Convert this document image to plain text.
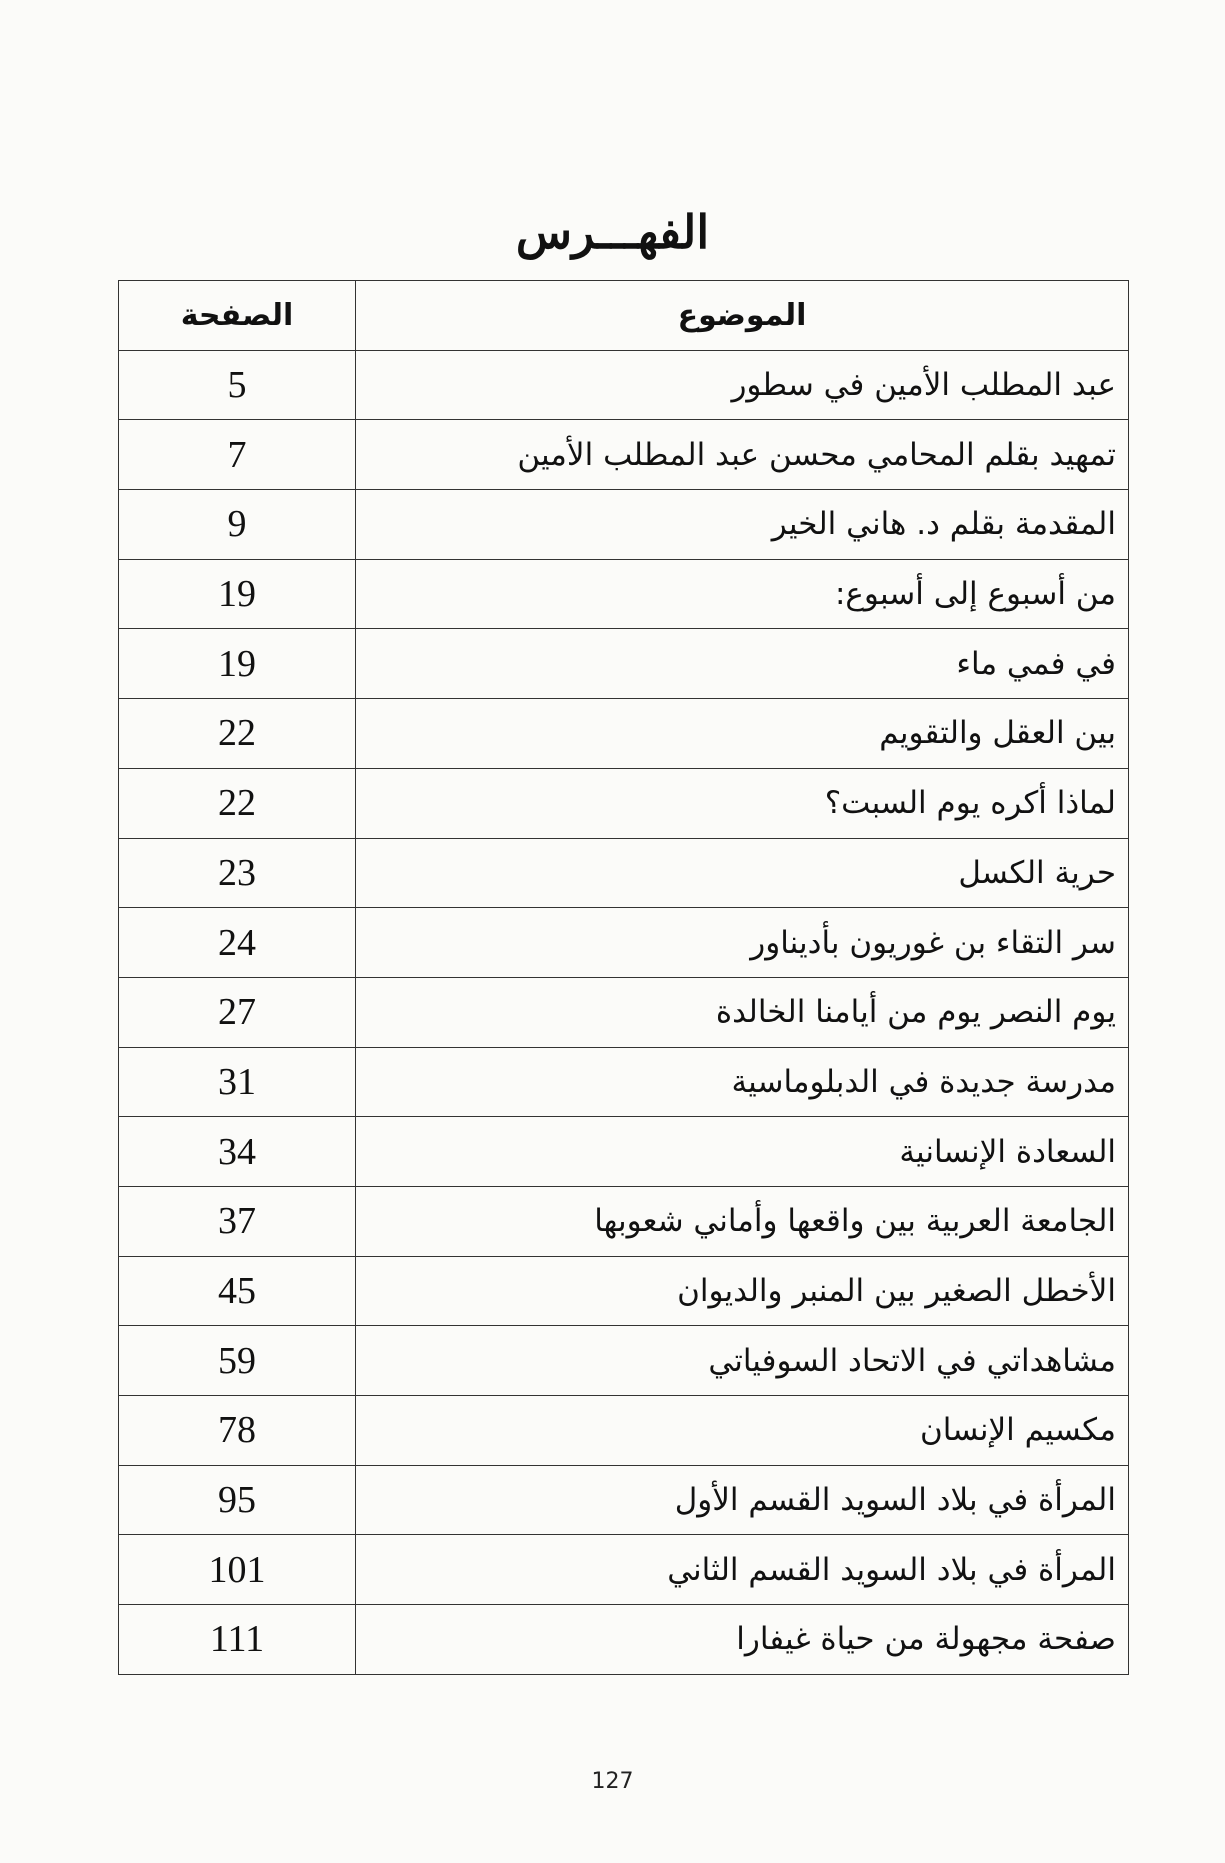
الفهـــرس
الموضوع	الصفحة
عبد المطلب الأمين في سطور	5
تمهيد بقلم المحامي محسن عبد المطلب الأمين	7
المقدمة بقلم د. هاني الخير	9
من أسبوع إلى أسبوع:	19
في فمي ماء	19
بين العقل والتقويم	22
لماذا أكره يوم السبت؟	22
حرية الكسل	23
سر التقاء بن غوريون بأديناور	24
يوم النصر يوم من أيامنا الخالدة	27
مدرسة جديدة في الدبلوماسية	31
السعادة الإنسانية	34
الجامعة العربية بين واقعها وأماني شعوبها	37
الأخطل الصغير بين المنبر والديوان	45
مشاهداتي في الاتحاد السوفياتي	59
مكسيم الإنسان	78
المرأة في بلاد السويد القسم الأول	95
المرأة في بلاد السويد القسم الثاني	101
صفحة مجهولة من حياة غيفارا	111
127
